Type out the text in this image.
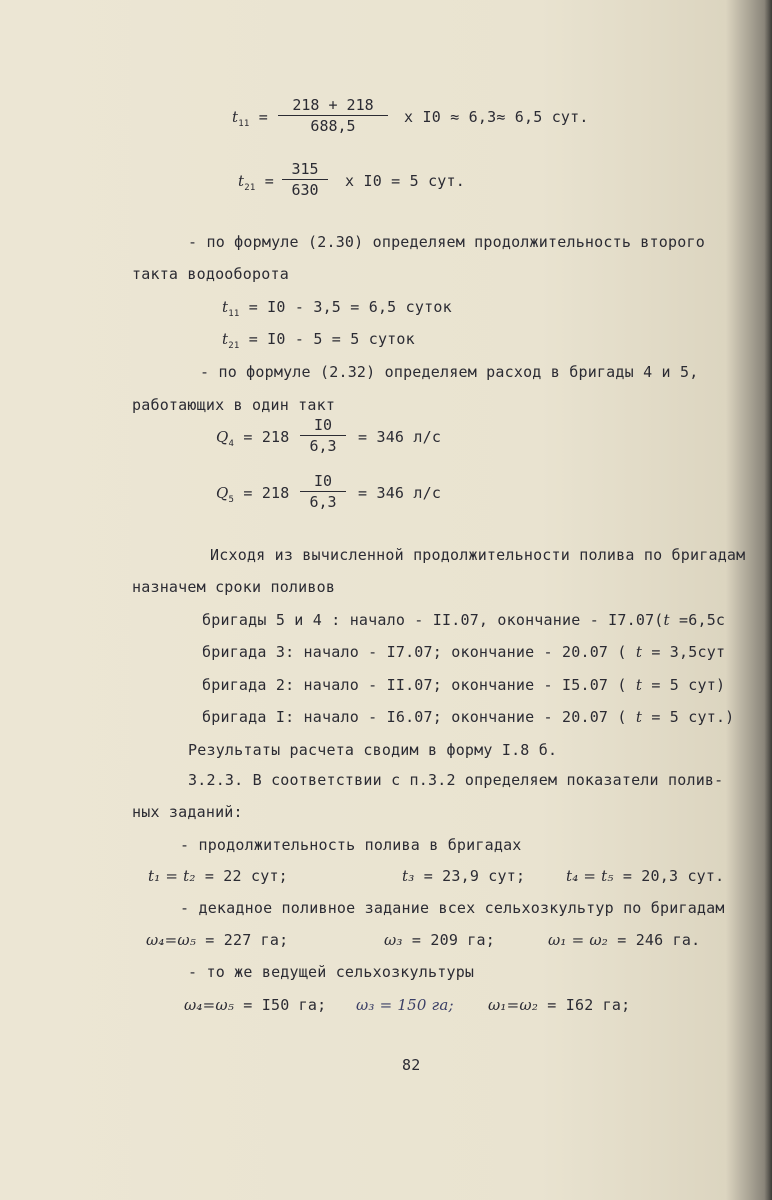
$t_{11} = \frac{218 + 218}{688,5}$ x I0 ≈ 6,3≈ 6,5 сут.
$t_{21} = \frac{315}{630}$ x I0 = 5 сут.
- по формуле (2.30) определяем продолжительность второго
такта водооборота
$t_{11} = I0 - 3,5 = 6,5$ суток
$t_{21} = I0 - 5 = 5$ суток
- по формуле (2.32) определяем расход в бригады 4 и 5,
работающих в один такт
$Q_4 = 218 \frac{I0}{6,3} = 346$ л/с
$Q_5 = 218 \frac{I0}{6,3} = 346$ л/с
Исходя из вычисленной продолжительности полива по бригадам
назначем сроки поливов
бригады 5 и 4 : начало - II.07, окончание - I7.07(t =6,5с
бригада 3: начало - I7.07; окончание - 20.07 ( t = 3,5сут
бригада 2: начало - II.07; окончание - I5.07 ( t = 5 сут)
бригада I: начало - I6.07; окончание - 20.07 ( t = 5 сут.)
Результаты расчета сводим в форму I.8 б.
3.2.3. В соответствии с п.3.2 определяем показатели полив-
ных заданий:
- продолжительность полива в бригадах
t₁ = t₂ = 22 сут;	t₃ = 23,9 сут;	t₄ = t₅ = 20,3 сут.
- декадное поливное задание всех сельхозкультур по бригадам
ω₄=ω₅ = 227 га;	ω₃ = 209 га;	ω₁ = ω₂ = 246 га.
- то же ведущей сельхозкультуры
ω₄=ω₅ = I50 га; ω₃ = 150 га; ω₁=ω₂ = I62 га;
82
